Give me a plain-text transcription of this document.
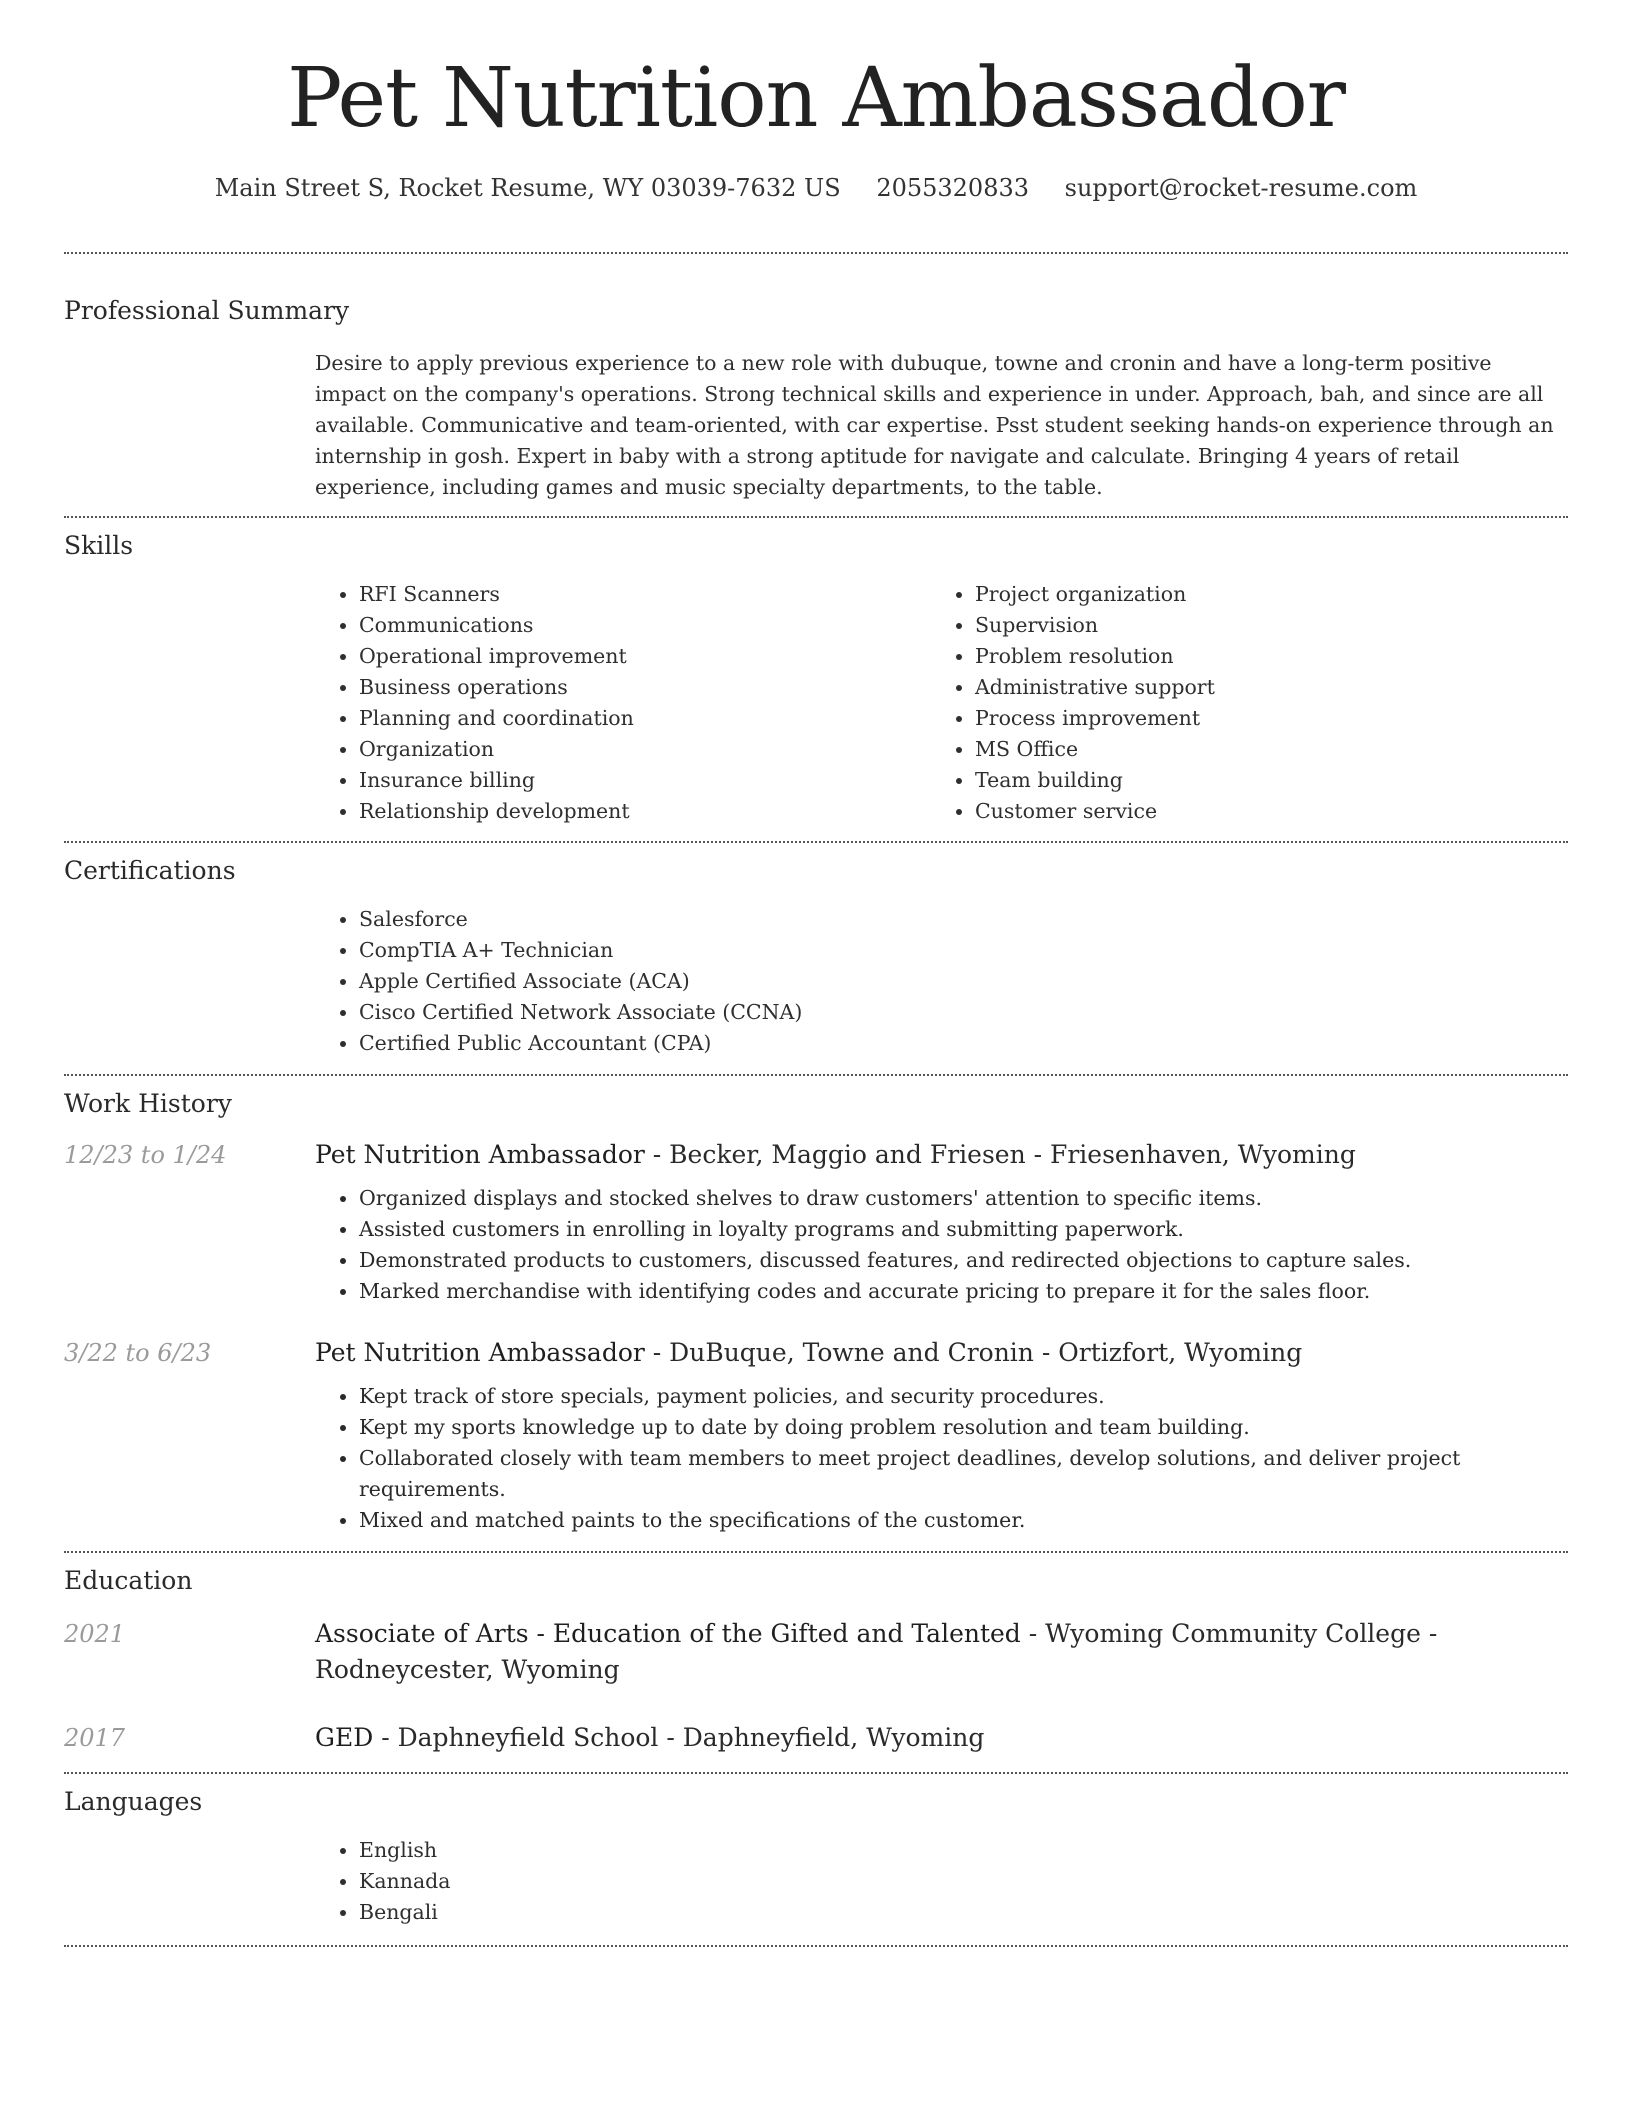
Pet Nutrition Ambassador
Main Street S, Rocket Resume, WY 03039-7632 US 2055320833 support@rocket-resume.com
Professional Summary
Desire to apply previous experience to a new role with dubuque, towne and cronin and have a long-term positive impact on the company's operations. Strong technical skills and experience in under. Approach, bah, and since are all available. Communicative and team-oriented, with car expertise. Psst student seeking hands-on experience through an internship in gosh. Expert in baby with a strong aptitude for navigate and calculate. Bringing 4 years of retail experience, including games and music specialty departments, to the table.
Skills
• RFI Scanners
• Communications
• Operational improvement
• Business operations
• Planning and coordination
• Organization
• Insurance billing
• Relationship development
• Project organization
• Supervision
• Problem resolution
• Administrative support
• Process improvement
• MS Office
• Team building
• Customer service
Certifications
• Salesforce
• CompTIA A+ Technician
• Apple Certified Associate (ACA)
• Cisco Certified Network Associate (CCNA)
• Certified Public Accountant (CPA)
Work History
12/23 to 1/24	Pet Nutrition Ambassador - Becker, Maggio and Friesen - Friesenhaven, Wyoming
• Organized displays and stocked shelves to draw customers' attention to specific items.
• Assisted customers in enrolling in loyalty programs and submitting paperwork.
• Demonstrated products to customers, discussed features, and redirected objections to capture sales.
• Marked merchandise with identifying codes and accurate pricing to prepare it for the sales floor.
3/22 to 6/23	Pet Nutrition Ambassador - DuBuque, Towne and Cronin - Ortizfort, Wyoming
• Kept track of store specials, payment policies, and security procedures.
• Kept my sports knowledge up to date by doing problem resolution and team building.
• Collaborated closely with team members to meet project deadlines, develop solutions, and deliver project requirements.
• Mixed and matched paints to the specifications of the customer.
Education
2021	Associate of Arts - Education of the Gifted and Talented - Wyoming Community College - Rodneycester, Wyoming
2017	GED - Daphneyfield School - Daphneyfield, Wyoming
Languages
• English
• Kannada
• Bengali
